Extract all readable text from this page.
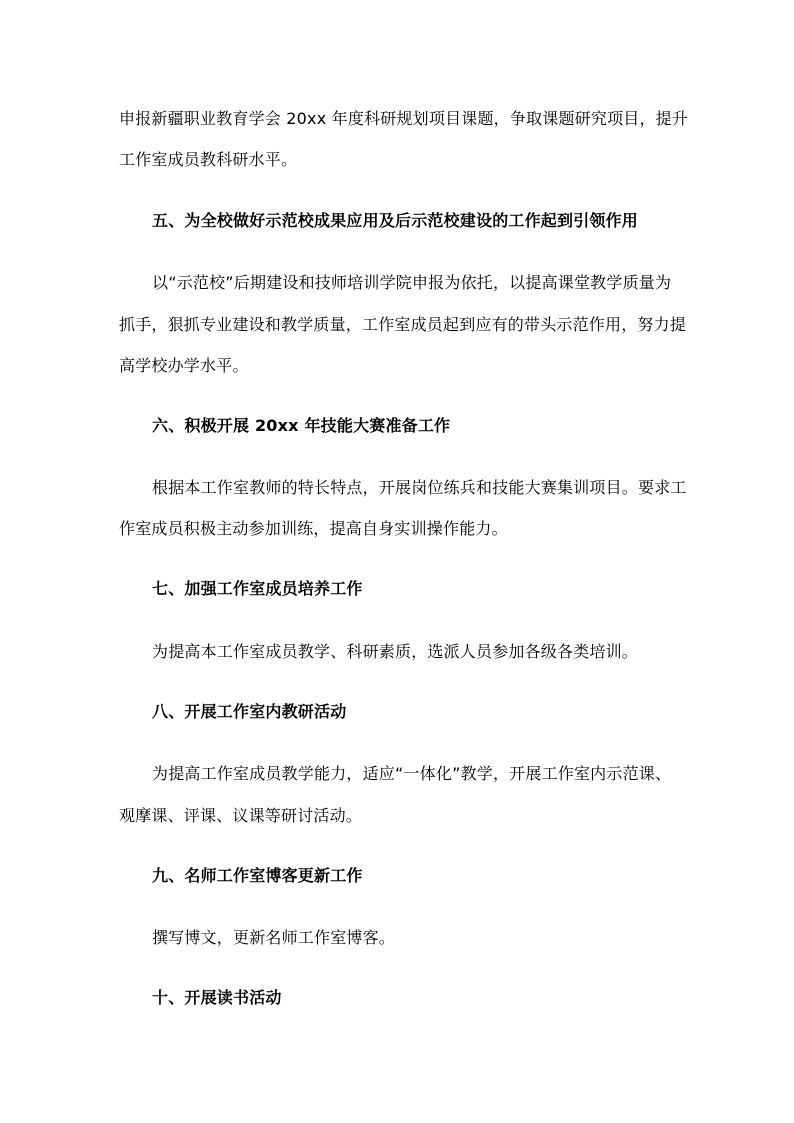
申报新疆职业教育学会 20xx 年度科研规划项目课题，争取课题研究项目，提升
工作室成员教科研水平。
五、为全校做好示范校成果应用及后示范校建设的工作起到引领作用
以“示范校”后期建设和技师培训学院申报为依托，以提高课堂教学质量为
抓手，狠抓专业建设和教学质量，工作室成员起到应有的带头示范作用，努力提
高学校办学水平。
六、积极开展 20xx 年技能大赛准备工作
根据本工作室教师的特长特点，开展岗位练兵和技能大赛集训项目。要求工
作室成员积极主动参加训练，提高自身实训操作能力。
七、加强工作室成员培养工作
为提高本工作室成员教学、科研素质，选派人员参加各级各类培训。
八、开展工作室内教研活动
为提高工作室成员教学能力，适应“一体化”教学，开展工作室内示范课、
观摩课、评课、议课等研讨活动。
九、名师工作室博客更新工作
撰写博文，更新名师工作室博客。
十、开展读书活动
